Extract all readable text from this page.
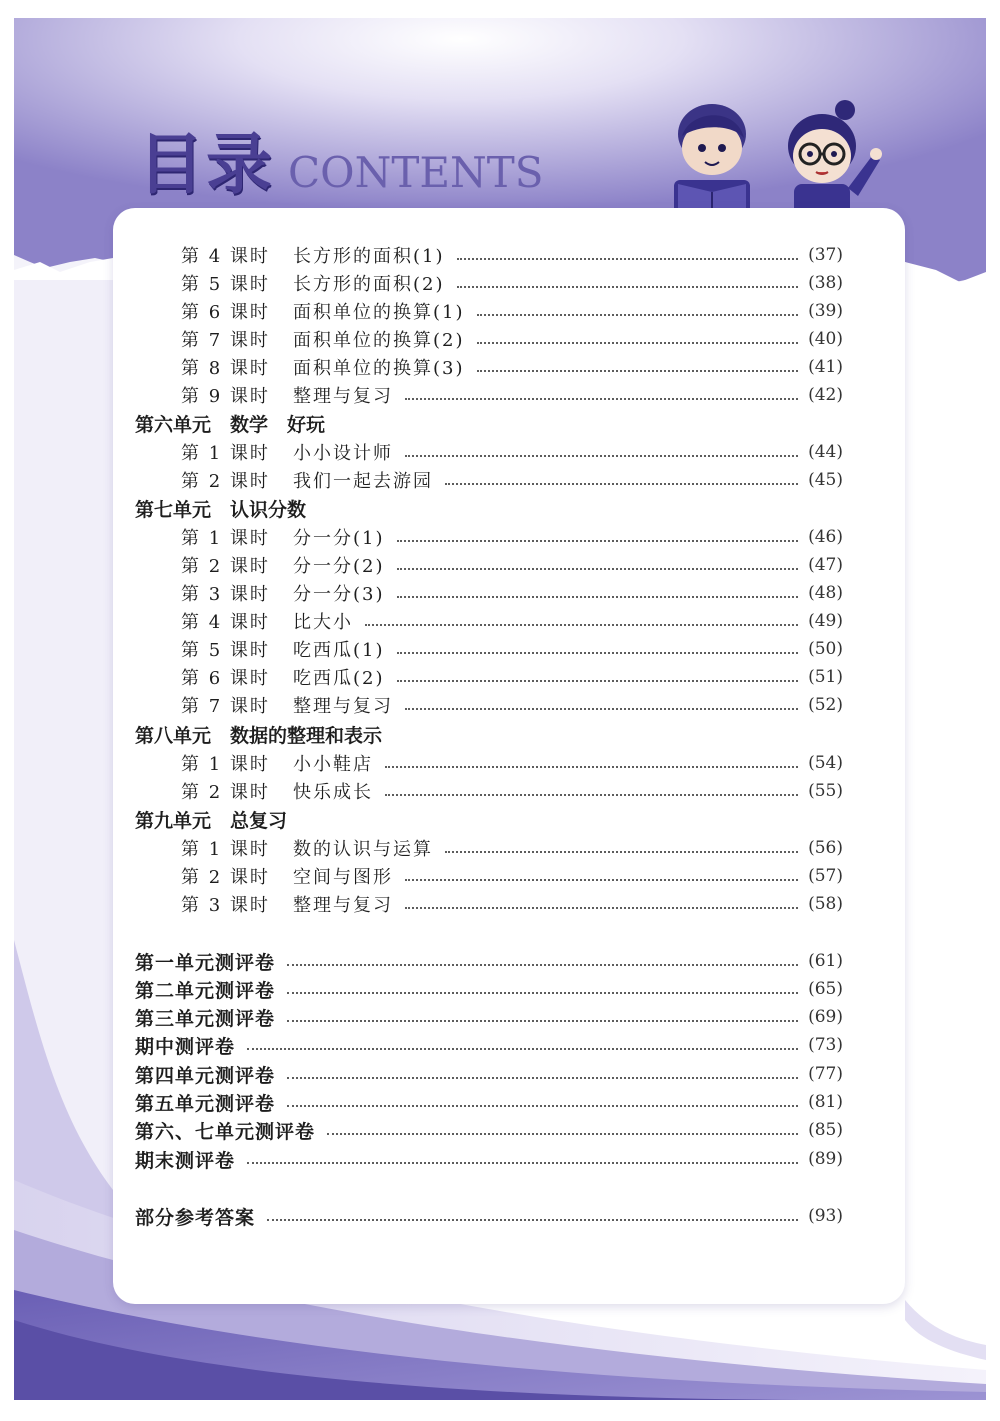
目录 CONTENTS
第 4 课时	长方形的面积(1)	(37)
第 5 课时	长方形的面积(2)	(38)
第 6 课时	面积单位的换算(1)	(39)
第 7 课时	面积单位的换算(2)	(40)
第 8 课时	面积单位的换算(3)	(41)
第 9 课时	整理与复习	(42)
第六单元　数学　好玩
第 1 课时	小小设计师	(44)
第 2 课时	我们一起去游园	(45)
第七单元　认识分数
第 1 课时	分一分(1)	(46)
第 2 课时	分一分(2)	(47)
第 3 课时	分一分(3)	(48)
第 4 课时	比大小	(49)
第 5 课时	吃西瓜(1)	(50)
第 6 课时	吃西瓜(2)	(51)
第 7 课时	整理与复习	(52)
第八单元　数据的整理和表示
第 1 课时	小小鞋店	(54)
第 2 课时	快乐成长	(55)
第九单元　总复习
第 1 课时	数的认识与运算	(56)
第 2 课时	空间与图形	(57)
第 3 课时	整理与复习	(58)
第一单元测评卷	(61)
第二单元测评卷	(65)
第三单元测评卷	(69)
期中测评卷	(73)
第四单元测评卷	(77)
第五单元测评卷	(81)
第六、七单元测评卷	(85)
期末测评卷	(89)
部分参考答案	(93)
